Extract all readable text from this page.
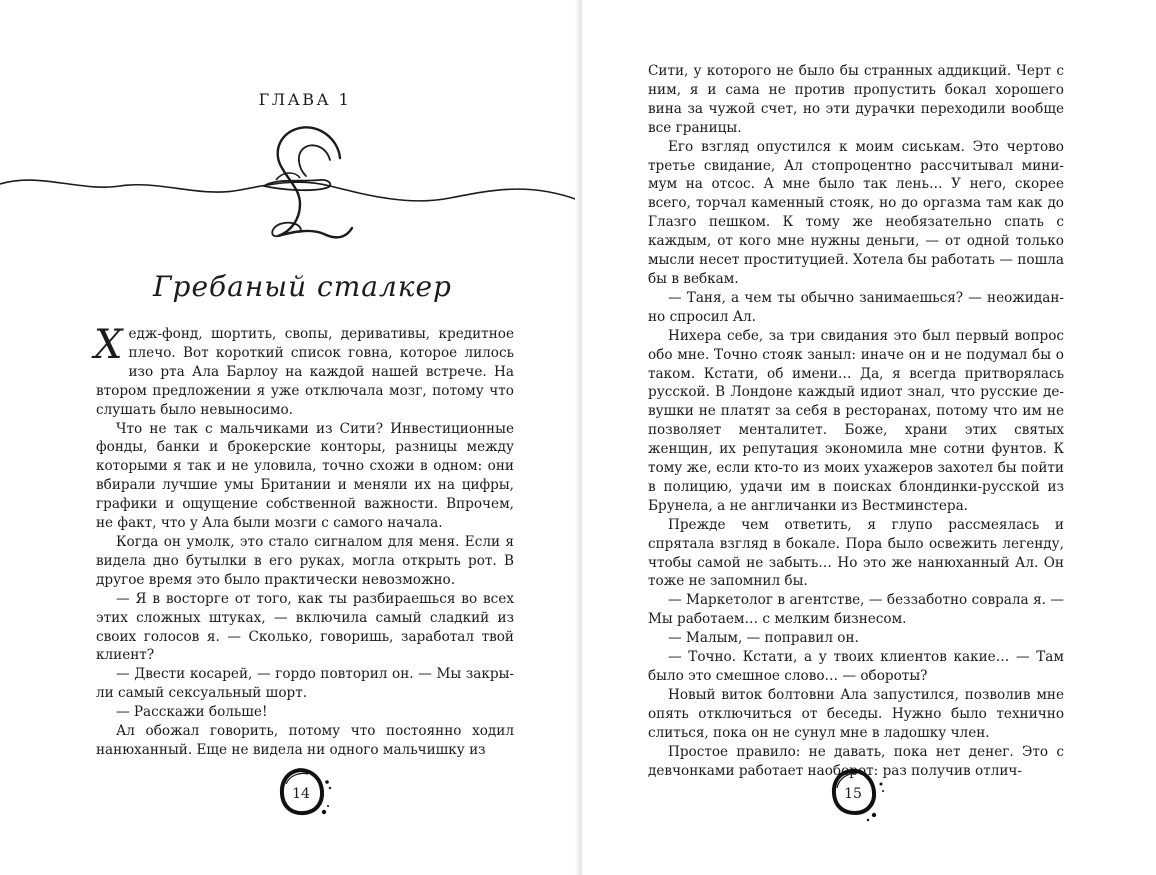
ГЛАВА 1
Гребаный сталкер

Хедж-фонд, шортить, свопы, деривативы, кредитное плечо. Вот короткий список говна, которое лилось изо рта Ала Барлоу на каждой нашей встрече. На втором предложении я уже отключала мозг, потому что слушать было невыносимо.

Что не так с мальчиками из Сити? Инвестиционные фонды, банки и брокерские конторы, разницы между которыми я так и не уловила, точно схожи в одном: они вбирали лучшие умы Британии и меняли их на цифры, графики и ощущение собственной важности. Впрочем, не факт, что у Ала были мозги с самого начала.

Когда он умолк, это стало сигналом для меня. Если я видела дно бутылки в его руках, могла открыть рот. В другое время это было практически невозможно.

— Я в восторге от того, как ты разбираешься во всех этих сложных штуках, — включила самый сладкий из своих голосов я. — Сколько, говоришь, заработал твой клиент?

— Двести косарей, — гордо повторил он. — Мы закрыли самый сексуальный шорт.

— Расскажи больше!

Ал обожал говорить, потому что постоянно ходил нанюханный. Еще не видела ни одного мальчишку из

14

Сити, у которого не было бы странных аддикций. Черт с ним, я и сама не против пропустить бокал хорошего вина за чужой счет, но эти дурачки переходили вообще все границы.

Его взгляд опустился к моим сиськам. Это чертово третье свидание, Ал стопроцентно рассчитывал минимум на отсос. А мне было так лень… У него, скорее всего, торчал каменный стояк, но до оргазма там как до Глазго пешком. К тому же необязательно спать с каждым, от кого мне нужны деньги, — от одной только мысли несет проституцией. Хотела бы работать — пошла бы в вебкам.

— Таня, а чем ты обычно занимаешься? — неожиданно спросил Ал.

Нихера себе, за три свидания это был первый вопрос обо мне. Точно стояк заныл: иначе он и не подумал бы о таком. Кстати, об имени… Да, я всегда притворялась русской. В Лондоне каждый идиот знал, что русские девушки не платят за себя в ресторанах, потому что им не позволяет менталитет. Боже, храни этих святых женщин, их репутация экономила мне сотни фунтов. К тому же, если кто-то из моих ухажеров захотел бы пойти в полицию, удачи им в поисках блондинки-русской из Брунела, а не англичанки из Вестминстера.

Прежде чем ответить, я глупо рассмеялась и спрятала взгляд в бокале. Пора было освежить легенду, чтобы самой не забыть… Но это же нанюханный Ал. Он тоже не запомнил бы.

— Маркетолог в агентстве, — беззаботно соврала я. — Мы работаем… с мелким бизнесом.

— Малым, — поправил он.

— Точно. Кстати, а у твоих клиентов какие… — Там было это смешное слово… — обороты?

Новый виток болтовни Ала запустился, позволив мне опять отключиться от беседы. Нужно было технично слиться, пока он не сунул мне в ладошку член.

Простое правило: не давать, пока нет денег. Это с девчонками работает наоборот: раз получив отлич-

15
